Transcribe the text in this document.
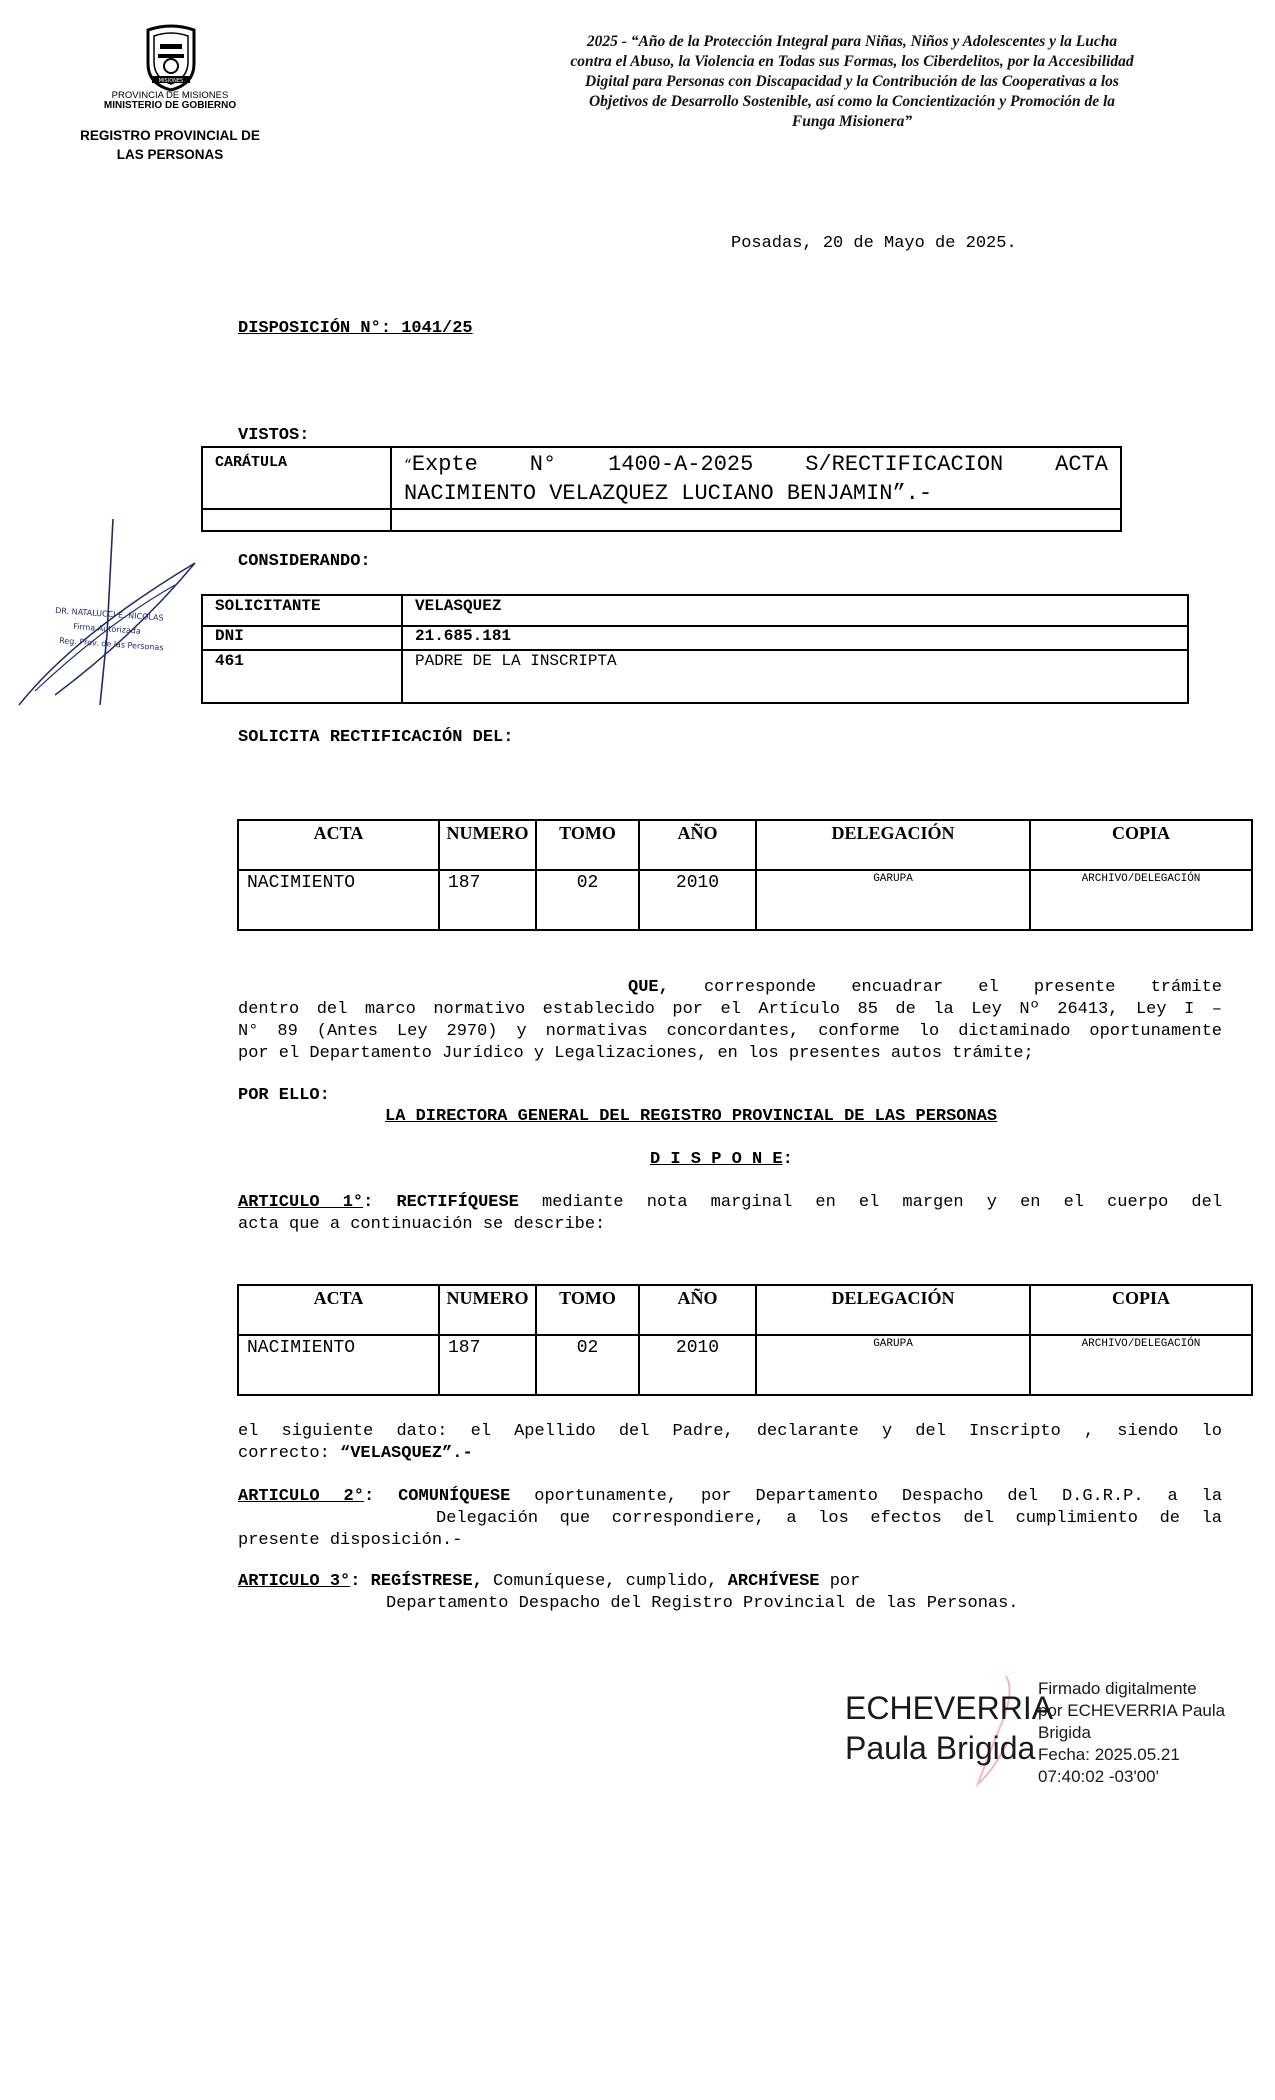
MISIONES
PROVINCIA DE MISIONES
MINISTERIO DE GOBIERNO
REGISTRO PROVINCIAL DE
LAS PERSONAS
2025 - “Año de la Protección Integral para Niñas, Niños y Adolescentes y la Lucha
contra el Abuso, la Violencia en Todas sus Formas, los Ciberdelitos, por la Accesibilidad
Digital para Personas con Discapacidad y la Contribución de las Cooperativas a los
Objetivos de Desarrollo Sostenible, así como la Concientización y Promoción de la
Funga Misionera”
Posadas, 20 de Mayo de 2025.
DISPOSICIÓN N°: 1041/25
VISTOS:
CARÁTULA	“Expte N° 1400-A-2025 S/RECTIFICACION ACTA
NACIMIENTO VELAZQUEZ LUCIANO BENJAMIN”.-

CONSIDERANDO:
SOLICITANTE	VELASQUEZ

DNI	21.685.181

461	PADRE DE LA INSCRIPTA
DR. NATALUCCI E. NICOLAS
Firma Autorizada
Reg. Prov. de las Personas
SOLICITA RECTIFICACIÓN DEL:
ACTA	NUMERO	TOMO	AÑO	DELEGACIÓN	COPIA

NACIMIENTO	187	02	2010	GARUPA	ARCHIVO/DELEGACIÓN
QUE, corresponde encuadrar el presente trámite
dentro del marco normativo establecido por el Artículo 85 de la Ley Nº 26413, Ley I –
N° 89 (Antes Ley 2970) y normativas concordantes, conforme lo dictaminado oportunamente
por el Departamento Jurídico y Legalizaciones, en los presentes autos trámite;
POR ELLO:
LA DIRECTORA GENERAL DEL REGISTRO PROVINCIAL DE LAS PERSONAS
D I S P O N E:
ARTICULO 1°: RECTIFÍQUESE mediante nota marginal en el margen y en el cuerpo del
acta que a continuación se describe:
ACTA	NUMERO	TOMO	AÑO	DELEGACIÓN	COPIA

NACIMIENTO	187	02	2010	GARUPA	ARCHIVO/DELEGACIÓN
el siguiente dato: el Apellido del Padre, declarante y del Inscripto , siendo lo
correcto: “VELASQUEZ”.-
ARTICULO 2°: COMUNÍQUESE oportunamente, por Departamento Despacho del D.G.R.P. a la
Delegación que correspondiere, a los efectos del cumplimiento de la
presente disposición.-
ARTICULO 3°: REGÍSTRESE, Comuníquese, cumplido, ARCHÍVESE por
Departamento Despacho del Registro Provincial de las Personas.
ECHEVERRIA
Paula Brigida
Firmado digitalmente
por ECHEVERRIA Paula
Brigida
Fecha: 2025.05.21
07:40:02 -03'00'
